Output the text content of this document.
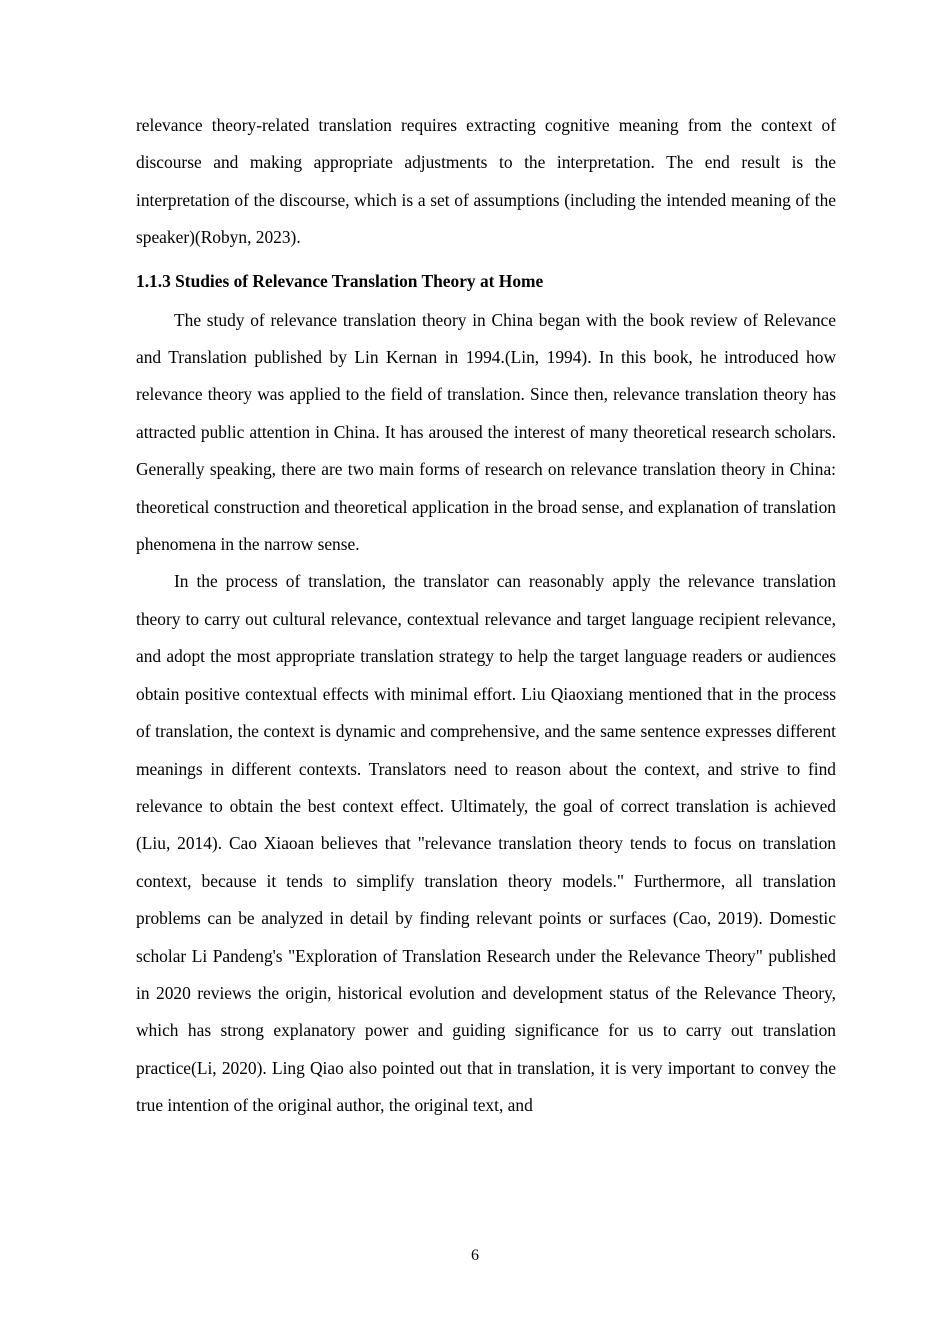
relevance theory-related translation requires extracting cognitive meaning from the context of discourse and making appropriate adjustments to the interpretation. The end result is the interpretation of the discourse, which is a set of assumptions (including the intended meaning of the speaker)(Robyn, 2023).

1.1.3 Studies of Relevance Translation Theory at Home

The study of relevance translation theory in China began with the book review of Relevance and Translation published by Lin Kernan in 1994.(Lin, 1994). In this book, he introduced how relevance theory was applied to the field of translation. Since then, relevance translation theory has attracted public attention in China. It has aroused the interest of many theoretical research scholars. Generally speaking, there are two main forms of research on relevance translation theory in China: theoretical construction and theoretical application in the broad sense, and explanation of translation phenomena in the narrow sense.

In the process of translation, the translator can reasonably apply the relevance translation theory to carry out cultural relevance, contextual relevance and target language recipient relevance, and adopt the most appropriate translation strategy to help the target language readers or audiences obtain positive contextual effects with minimal effort. Liu Qiaoxiang mentioned that in the process of translation, the context is dynamic and comprehensive, and the same sentence expresses different meanings in different contexts. Translators need to reason about the context, and strive to find relevance to obtain the best context effect. Ultimately, the goal of correct translation is achieved (Liu, 2014). Cao Xiaoan believes that "relevance translation theory tends to focus on translation context, because it tends to simplify translation theory models." Furthermore, all translation problems can be analyzed in detail by finding relevant points or surfaces (Cao, 2019). Domestic scholar Li Pandeng's "Exploration of Translation Research under the Relevance Theory" published in 2020 reviews the origin, historical evolution and development status of the Relevance Theory, which has strong explanatory power and guiding significance for us to carry out translation practice(Li, 2020). Ling Qiao also pointed out that in translation, it is very important to convey the true intention of the original author, the original text, and

6
